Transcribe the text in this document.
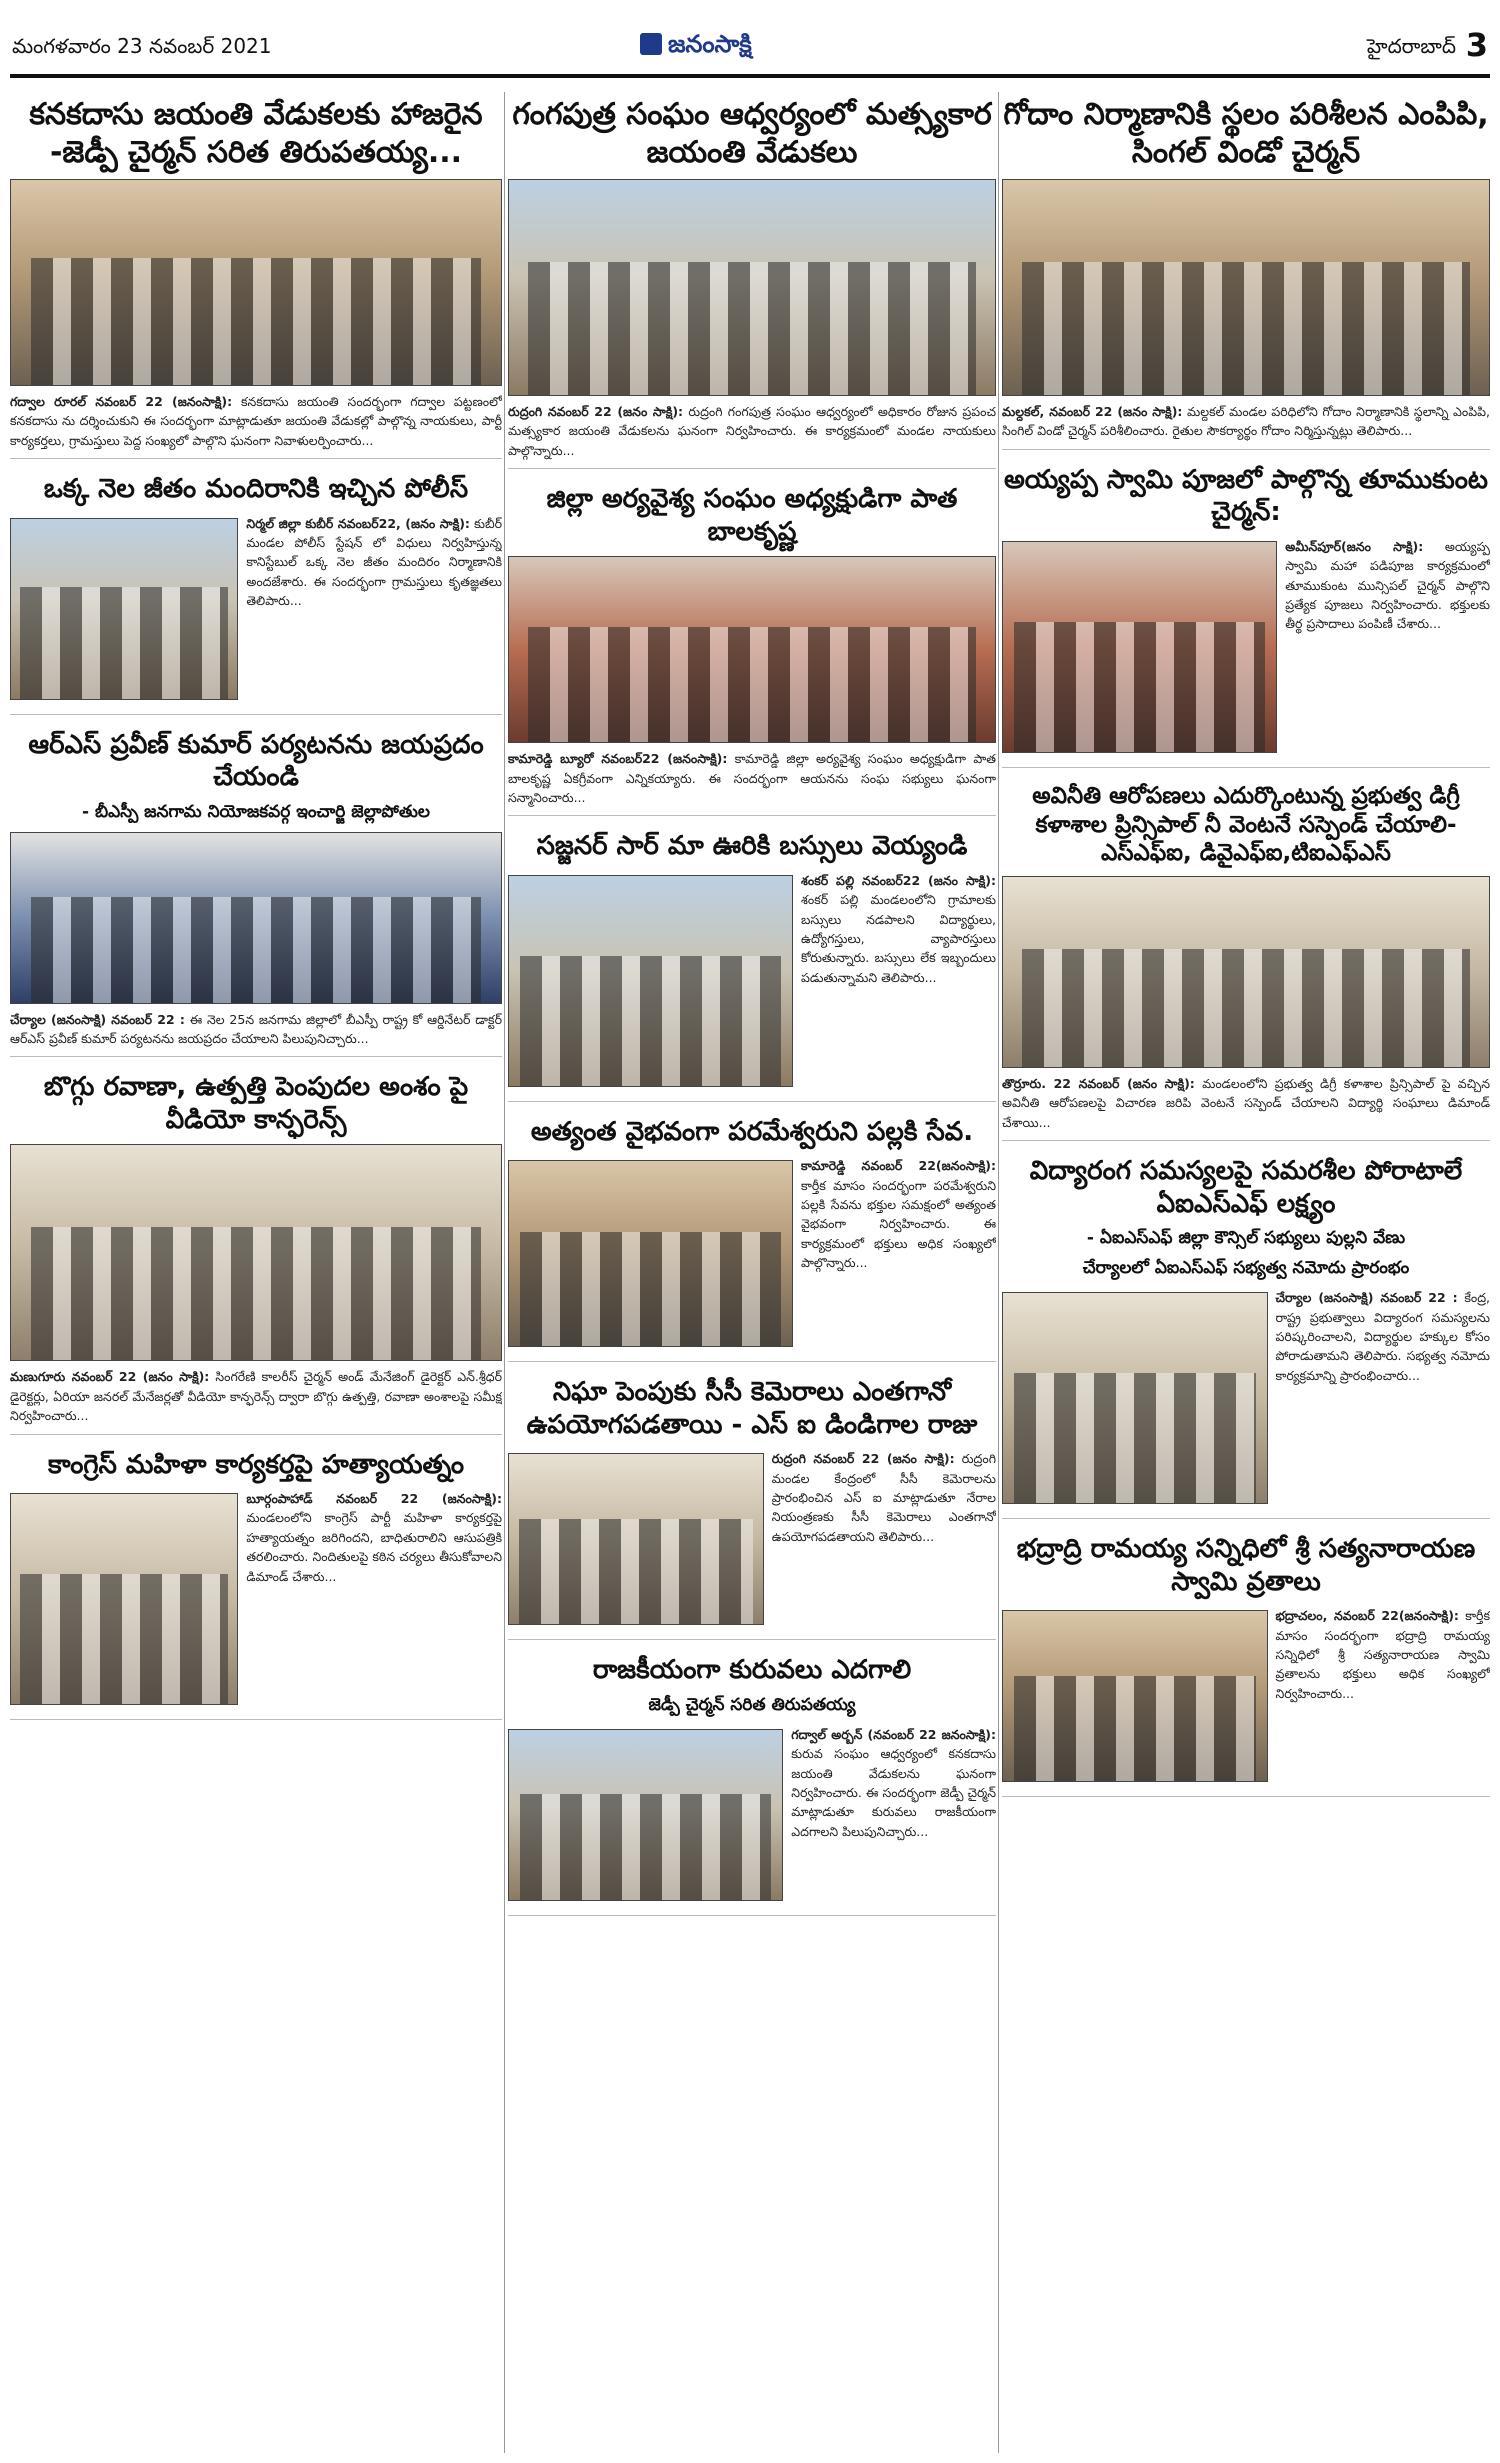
మంగళవారం 23 నవంబర్ 2021	జనంసాక్షి	హైదరాబాద్ 3
కనకదాసు జయంతి వేడుకలకు హాజరైన -జెడ్పీ చైర్మన్ సరిత తిరుపతయ్య...
గద్వాల రూరల్ నవంబర్ 22 (జనంసాక్షి): కనకదాసు జయంతి సందర్భంగా గద్వాల పట్టణంలో కనకదాసు ను దర్శించుకుని ఈ సందర్భంగా మాట్లాడుతూ జయంతి వేడుకల్లో పాల్గొన్న నాయకులు, పార్టీ కార్యకర్తలు, గ్రామస్తులు పెద్ద సంఖ్యలో పాల్గొని ఘనంగా నివాళులర్పించారు...
ఒక్క నెల జీతం మందిరానికి ఇచ్చిన పోలీస్
నిర్మల్ జిల్లా కుబీర్ నవంబర్22, (జనం సాక్షి): కుబీర్ మండల పోలీస్ స్టేషన్ లో విధులు నిర్వహిస్తున్న కానిస్టేబుల్ ఒక్క నెల జీతం మందిరం నిర్మాణానికి అందజేశారు. ఈ సందర్భంగా గ్రామస్తులు కృతజ్ఞతలు తెలిపారు...
ఆర్ఎస్ ప్రవీణ్ కుమార్ పర్యటనను జయప్రదం చేయండి
- బీఎస్పీ జనగామ నియోజకవర్గ ఇంచార్జి జెల్లాపోతుల
చేర్యాల (జనంసాక్షి) నవంబర్ 22 : ఈ నెల 25న జనగామ జిల్లాలో బీఎస్పీ రాష్ట్ర కో ఆర్డినేటర్ డాక్టర్ ఆర్ఎస్ ప్రవీణ్ కుమార్ పర్యటనను జయప్రదం చేయాలని పిలుపునిచ్చారు...
బొగ్గు రవాణా, ఉత్పత్తి పెంపుదల అంశం పై వీడియో కాన్ఫరెన్స్
మణుగూరు నవంబర్ 22 (జనం సాక్షి): సింగరేణి కాలరీస్ చైర్మన్ అండ్ మేనేజింగ్ డైరెక్టర్ ఎన్.శ్రీధర్ డైరెక్టర్లు, ఏరియా జనరల్ మేనేజర్లతో వీడియో కాన్ఫరెన్స్ ద్వారా బొగ్గు ఉత్పత్తి, రవాణా అంశాలపై సమీక్ష నిర్వహించారు...
కాంగ్రెస్ మహిళా కార్యకర్తపై హత్యాయత్నం
బూర్గంపాహాడ్ నవంబర్ 22 (జనంసాక్షి): మండలంలోని కాంగ్రెస్ పార్టీ మహిళా కార్యకర్తపై హత్యాయత్నం జరిగిందని, బాధితురాలిని ఆసుపత్రికి తరలించారు. నిందితులపై కఠిన చర్యలు తీసుకోవాలని డిమాండ్ చేశారు...
గంగపుత్ర సంఘం ఆధ్వర్యంలో మత్స్యకార జయంతి వేడుకలు
రుద్రంగి నవంబర్ 22 (జనం సాక్షి): రుద్రంగి గంగపుత్ర సంఘం ఆధ్వర్యంలో అధికారం రోజున ప్రపంచ మత్స్యకార జయంతి వేడుకలను ఘనంగా నిర్వహించారు. ఈ కార్యక్రమంలో మండల నాయకులు పాల్గొన్నారు...
జిల్లా అర్యవైశ్య సంఘం అధ్యక్షుడిగా పాత బాలకృష్ణ
కామారెడ్డి బ్యూరో నవంబర్22 (జనంసాక్షి): కామారెడ్డి జిల్లా అర్యవైశ్య సంఘం అధ్యక్షుడిగా పాత బాలకృష్ణ ఏకగ్రీవంగా ఎన్నికయ్యారు. ఈ సందర్భంగా ఆయనను సంఘ సభ్యులు ఘనంగా సన్మానించారు...
సజ్జనర్ సార్ మా ఊరికి బస్సులు వెయ్యండి
శంకర్ పల్లి నవంబర్22 (జనం సాక్షి): శంకర్ పల్లి మండలంలోని గ్రామాలకు బస్సులు నడపాలని విద్యార్థులు, ఉద్యోగస్తులు, వ్యాపారస్తులు కోరుతున్నారు. బస్సులు లేక ఇబ్బందులు పడుతున్నామని తెలిపారు...
అత్యంత వైభవంగా పరమేశ్వరుని పల్లకి సేవ.
కామారెడ్డి నవంబర్ 22(జనంసాక్షి): కార్తీక మాసం సందర్భంగా పరమేశ్వరుని పల్లకి సేవను భక్తుల సమక్షంలో అత్యంత వైభవంగా నిర్వహించారు. ఈ కార్యక్రమంలో భక్తులు అధిక సంఖ్యలో పాల్గొన్నారు...
నిఘా పెంపుకు సీసీ కెమెరాలు ఎంతగానో ఉపయోగపడతాయి - ఎస్ ఐ డిండిగాల రాజు
రుద్రంగి నవంబర్ 22 (జనం సాక్షి): రుద్రంగి మండల కేంద్రంలో సీసీ కెమెరాలను ప్రారంభించిన ఎస్ ఐ మాట్లాడుతూ నేరాల నియంత్రణకు సీసీ కెమెరాలు ఎంతగానో ఉపయోగపడతాయని తెలిపారు...
రాజకీయంగా కురువలు ఎదగాలి
జెడ్పీ చైర్మన్ సరిత తిరుపతయ్య
గద్వాల్ అర్బన్ (నవంబర్ 22 జనంసాక్షి): కురువ సంఘం ఆధ్వర్యంలో కనకదాసు జయంతి వేడుకలను ఘనంగా నిర్వహించారు. ఈ సందర్భంగా జెడ్పీ చైర్మన్ మాట్లాడుతూ కురువలు రాజకీయంగా ఎదగాలని పిలుపునిచ్చారు...
గోదాం నిర్మాణానికి స్థలం పరిశీలన ఎంపిపి, సింగల్ విండో చైర్మన్
మల్దకల్, నవంబర్ 22 (జనం సాక్షి): మల్దకల్ మండల పరిధిలోని గోదాం నిర్మాణానికి స్థలాన్ని ఎంపిపి, సింగిల్ విండో చైర్మన్ పరిశీలించారు. రైతుల సౌకర్యార్థం గోదాం నిర్మిస్తున్నట్లు తెలిపారు...
అయ్యప్ప స్వామి పూజలో పాల్గొన్న తూముకుంట చైర్మన్:
అమీన్‌పూర్(జనం సాక్షి): అయ్యప్ప స్వామి మహా పడిపూజ కార్యక్రమంలో తూముకుంట మున్సిపల్ చైర్మన్ పాల్గొని ప్రత్యేక పూజలు నిర్వహించారు. భక్తులకు తీర్థ ప్రసాదాలు పంపిణీ చేశారు...
అవినీతి ఆరోపణలు ఎదుర్కొంటున్న ప్రభుత్వ డిగ్రీ కళాశాల ప్రిన్సిపాల్ నీ వెంటనే సస్పెండ్ చేయాలి- ఎస్ఎఫ్ఐ, డివైఎఫ్ఐ,టిఐఎఫ్ఎస్
తొర్రూరు. 22 నవంబర్ (జనం సాక్షి): మండలంలోని ప్రభుత్వ డిగ్రీ కళాశాల ప్రిన్సిపాల్ పై వచ్చిన అవినీతి ఆరోపణలపై విచారణ జరిపి వెంటనే సస్పెండ్ చేయాలని విద్యార్థి సంఘాలు డిమాండ్ చేశాయి...
విద్యారంగ సమస్యలపై సమరశీల పోరాటాలే ఏఐఎస్ఎఫ్ లక్ష్యం
- ఏఐఎస్ఎఫ్ జిల్లా కౌన్సిల్ సభ్యులు పుల్లని వేణు
చేర్యాలలో ఏఐఎస్ఎఫ్ సభ్యత్వ నమోదు ప్రారంభం
చేర్యాల (జనంసాక్షి) నవంబర్ 22 : కేంద్ర, రాష్ట్ర ప్రభుత్వాలు విద్యారంగ సమస్యలను పరిష్కరించాలని, విద్యార్థుల హక్కుల కోసం పోరాడుతామని తెలిపారు. సభ్యత్వ నమోదు కార్యక్రమాన్ని ప్రారంభించారు...
భద్రాద్రి రామయ్య సన్నిధిలో శ్రీ సత్యనారాయణ స్వామి వ్రతాలు
భద్రాచలం, నవంబర్ 22(జనంసాక్షి): కార్తీక మాసం సందర్భంగా భద్రాద్రి రామయ్య సన్నిధిలో శ్రీ సత్యనారాయణ స్వామి వ్రతాలను భక్తులు అధిక సంఖ్యలో నిర్వహించారు...
